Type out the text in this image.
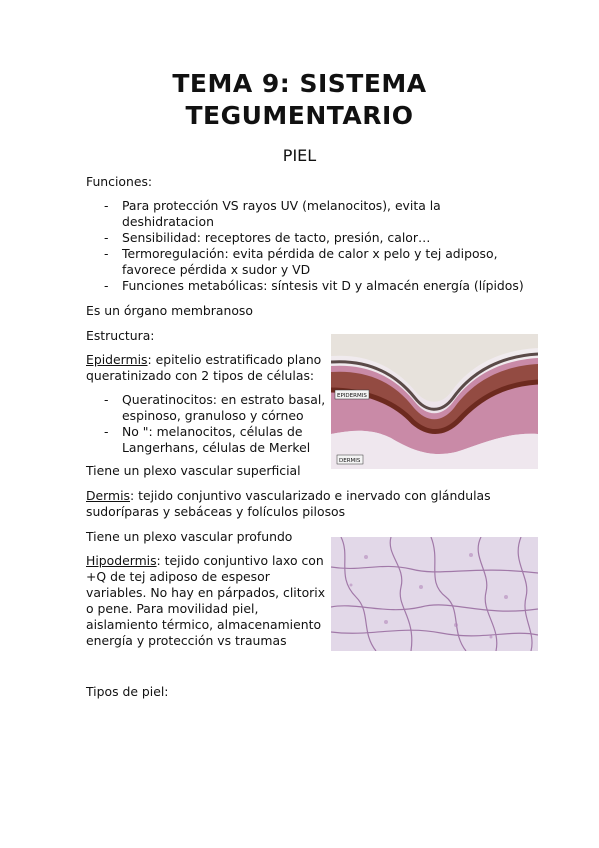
TEMA 9: SISTEMA
TEGUMENTARIO
PIEL
Funciones:
- Para protección VS rayos UV (melanocitos), evita la
deshidratacion
- Sensibilidad: receptores de tacto, presión, calor…
- Termoregulación: evita pérdida de calor x pelo y tej adiposo,
favorece pérdida x sudor y VD
- Funciones metabólicas: síntesis vit D y almacén energía (lípidos)
Es un órgano membranoso
Estructura:
Epidermis: epitelio estratificado plano
queratinizado con 2 tipos de células:
- Queratinocitos: en estrato basal,
espinoso, granuloso y córneo
- No ": melanocitos, células de
Langerhans, células de Merkel
Tiene un plexo vascular superficial
EPIDERMIS
DERMIS
Dermis: tejido conjuntivo vascularizado e inervado con glándulas
sudoríparas y sebáceas y folículos pilosos
Tiene un plexo vascular profundo
Hipodermis: tejido conjuntivo laxo con
+Q de tej adiposo de espesor
variables. No hay en párpados, clitorix
o pene. Para movilidad piel,
aislamiento térmico, almacenamiento
energía y protección vs traumas
Tipos de piel:
